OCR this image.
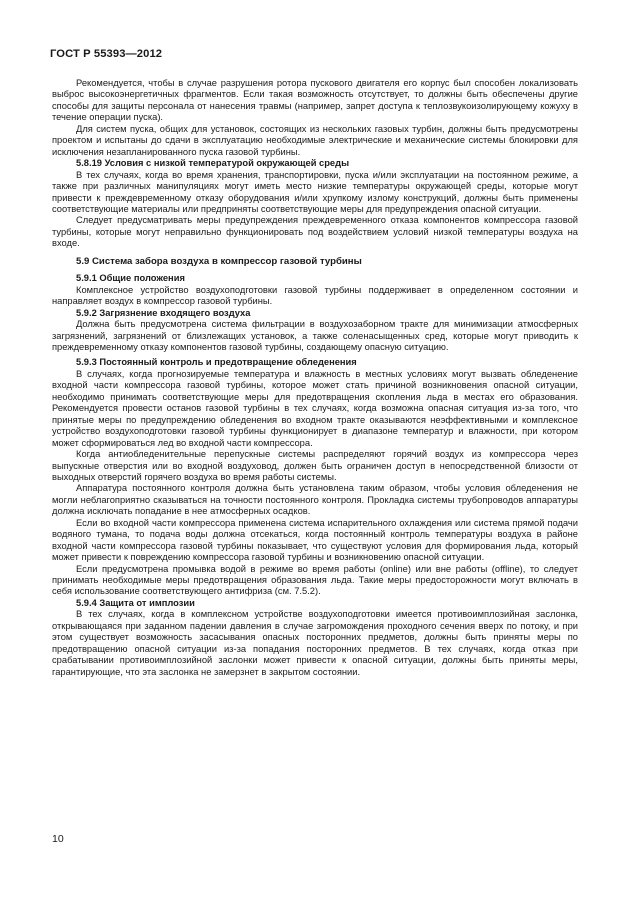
ГОСТ Р 55393—2012

Рекомендуется, чтобы в случае разрушения ротора пускового двигателя его корпус был способен локализовать выброс высокоэнергетичных фрагментов. Если такая возможность отсутствует, то должны быть обеспечены другие способы для защиты персонала от нанесения травмы (например, запрет доступа к теплозвукоизолирующему кожуху в течение операции пуска).

Для систем пуска, общих для установок, состоящих из нескольких газовых турбин, должны быть предусмотрены проектом и испытаны до сдачи в эксплуатацию необходимые электрические и механические системы блокировки для исключения незапланированного пуска газовой турбины.

5.8.19 Условия с низкой температурой окружающей среды

В тех случаях, когда во время хранения, транспортировки, пуска и/или эксплуатации на постоянном режиме, а также при различных манипуляциях могут иметь место низкие температуры окружающей среды, которые могут привести к преждевременному отказу оборудования и/или хрупкому излому конструкций, должны быть применены соответствующие материалы или предприняты соответствующие меры для предупреждения опасной ситуации.

Следует предусматривать меры предупреждения преждевременного отказа компонентов компрессора газовой турбины, которые могут неправильно функционировать под воздействием условий низкой температуры воздуха на входе.

5.9 Система забора воздуха в компрессор газовой турбины
5.9.1 Общие положения

Комплексное устройство воздухоподготовки газовой турбины поддерживает в определенном состоянии и направляет воздух в компрессор газовой турбины.

5.9.2 Загрязнение входящего воздуха

Должна быть предусмотрена система фильтрации в воздухозаборном тракте для минимизации атмосферных загрязнений, загрязнений от близлежащих установок, а также соленасыщенных сред, которые могут приводить к преждевременному отказу компонентов газовой турбины, создающему опасную ситуацию.

5.9.3 Постоянный контроль и предотвращение обледенения

В случаях, когда прогнозируемые температура и влажность в местных условиях могут вызвать обледенение входной части компрессора газовой турбины, которое может стать причиной возникновения опасной ситуации, необходимо принимать соответствующие меры для предотвращения скопления льда в местах его образования. Рекомендуется провести останов газовой турбины в тех случаях, когда возможна опасная ситуация из-за того, что принятые меры по предупреждению обледенения во входном тракте оказываются неэффективными и комплексное устройство воздухоподготовки газовой турбины функционирует в диапазоне температур и влажности, при котором может сформироваться лед во входной части компрессора.

Когда антиобледенительные перепускные системы распределяют горячий воздух из компрессора через выпускные отверстия или во входной воздуховод, должен быть ограничен доступ в непосредственной близости от выходных отверстий горячего воздуха во время работы системы.

Аппаратура постоянного контроля должна быть установлена таким образом, чтобы условия обледенения не могли неблагоприятно сказываться на точности постоянного контроля. Прокладка системы трубопроводов аппаратуры должна исключать попадание в нее атмосферных осадков.

Если во входной части компрессора применена система испарительного охлаждения или система прямой подачи водяного тумана, то подача воды должна отсекаться, когда постоянный контроль температуры воздуха в районе входной части компрессора газовой турбины показывает, что существуют условия для формирования льда, который может привести к повреждению компрессора газовой турбины и возникновению опасной ситуации.

Если предусмотрена промывка водой в режиме во время работы (online) или вне работы (offline), то следует принимать необходимые меры предотвращения образования льда. Такие меры предосторожности могут включать в себя использование соответствующего антифриза (см. 7.5.2).

5.9.4 Защита от имплозии

В тех случаях, когда в комплексном устройстве воздухоподготовки имеется противоимплозийная заслонка, открывающаяся при заданном падении давления в случае загромождения проходного сечения вверх по потоку, и при этом существует возможность засасывания опасных посторонних предметов, должны быть приняты меры по предотвращению опасной ситуации из-за попадания посторонних предметов. В тех случаях, когда отказ при срабатывании противоимплозийной заслонки может привести к опасной ситуации, должны быть приняты меры, гарантирующие, что эта заслонка не замерзнет в закрытом состоянии.

10
